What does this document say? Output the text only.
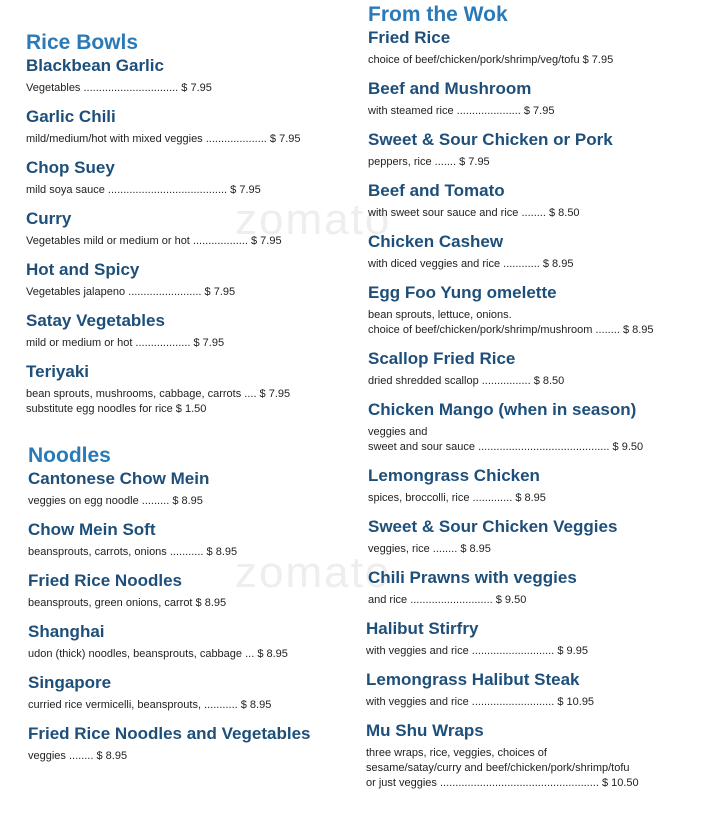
zomato
zomato
Rice Bowls
Blackbean Garlic
Vegetables ............................... $ 7.95
Garlic Chili
mild/medium/hot with mixed veggies .................... $ 7.95
Chop Suey
mild soya sauce ....................................... $ 7.95
Curry
Vegetables mild or medium or hot .................. $ 7.95
Hot and Spicy
Vegetables jalapeno ........................ $ 7.95
Satay Vegetables
mild or medium or hot .................. $ 7.95
Teriyaki
bean sprouts, mushrooms, cabbage, carrots .... $ 7.95
substitute egg noodles for rice $ 1.50
Noodles
Cantonese Chow Mein
veggies on egg noodle ......... $ 8.95
Chow Mein Soft
beansprouts, carrots, onions ........... $ 8.95
Fried Rice Noodles
beansprouts, green onions, carrot $ 8.95
Shanghai
udon (thick) noodles, beansprouts, cabbage ... $ 8.95
Singapore
curried rice vermicelli, beansprouts, ........... $ 8.95
Fried Rice Noodles and Vegetables
veggies ........ $ 8.95
From the Wok
Fried Rice
choice of beef/chicken/pork/shrimp/veg/tofu $ 7.95
Beef and Mushroom
with steamed rice ..................... $ 7.95
Sweet & Sour Chicken or Pork
peppers, rice ....... $ 7.95
Beef and Tomato
with sweet sour sauce and rice ........ $ 8.50
Chicken Cashew
with diced veggies and rice ............ $ 8.95
Egg Foo Yung omelette
bean sprouts, lettuce, onions.
choice of beef/chicken/pork/shrimp/mushroom ........ $ 8.95
Scallop Fried Rice
dried shredded scallop ................ $ 8.50
Chicken Mango (when in season)
veggies and
sweet and sour sauce ........................................... $ 9.50
Lemongrass Chicken
spices, broccolli, rice ............. $ 8.95
Sweet & Sour Chicken Veggies
veggies, rice ........ $ 8.95
Chili Prawns with veggies
and rice ........................... $ 9.50
Halibut Stirfry
with veggies and rice ........................... $ 9.95
Lemongrass Halibut Steak
with veggies and rice ........................... $ 10.95
Mu Shu Wraps
three wraps, rice, veggies, choices of
sesame/satay/curry and beef/chicken/pork/shrimp/tofu
or just veggies .................................................... $ 10.50
